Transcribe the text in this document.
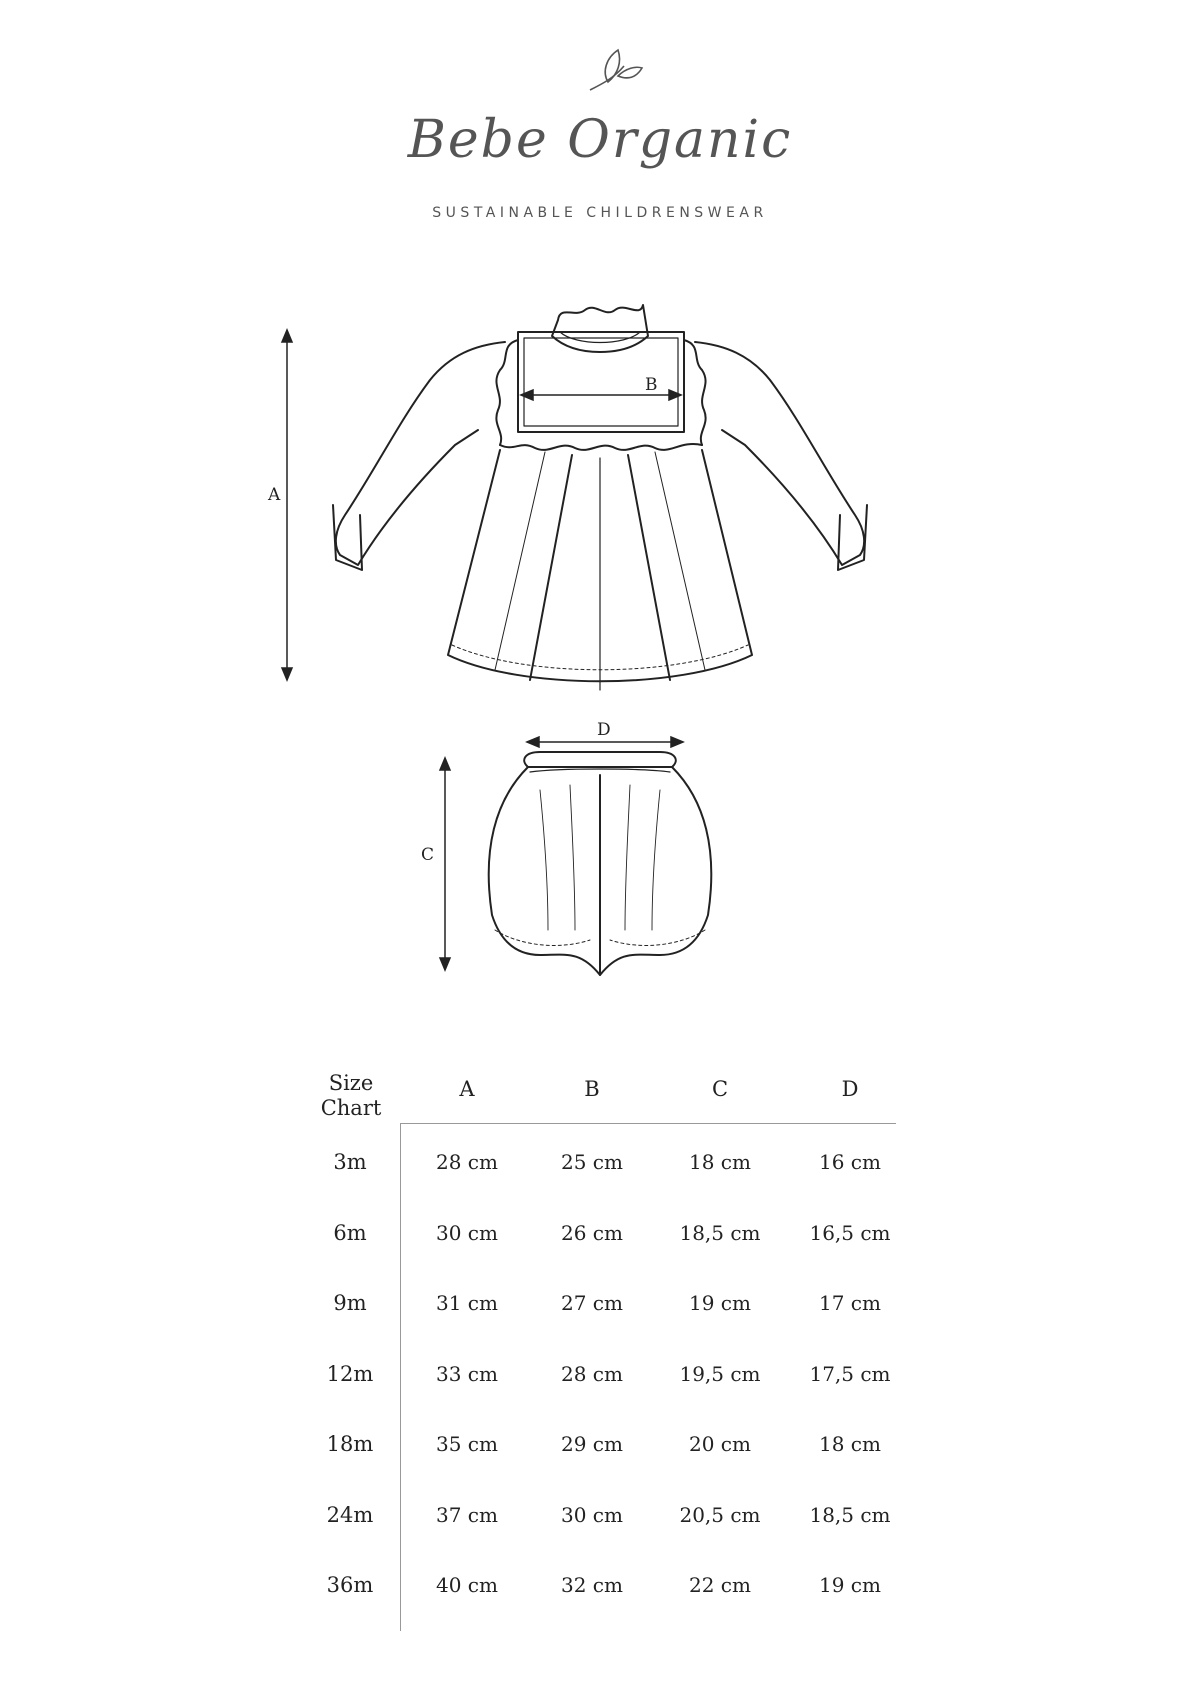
Bebe Organic
SUSTAINABLE CHILDRENSWEAR
A
B
C
D
Size
Chart
A	B	C	D
3m	28 cm	25 cm	18 cm	16 cm
6m	30 cm	26 cm	18,5 cm	16,5 cm
9m	31 cm	27 cm	19 cm	17 cm
12m	33 cm	28 cm	19,5 cm	17,5 cm
18m	35 cm	29 cm	20 cm	18 cm
24m	37 cm	30 cm	20,5 cm	18,5 cm
36m	40 cm	32 cm	22 cm	19 cm
